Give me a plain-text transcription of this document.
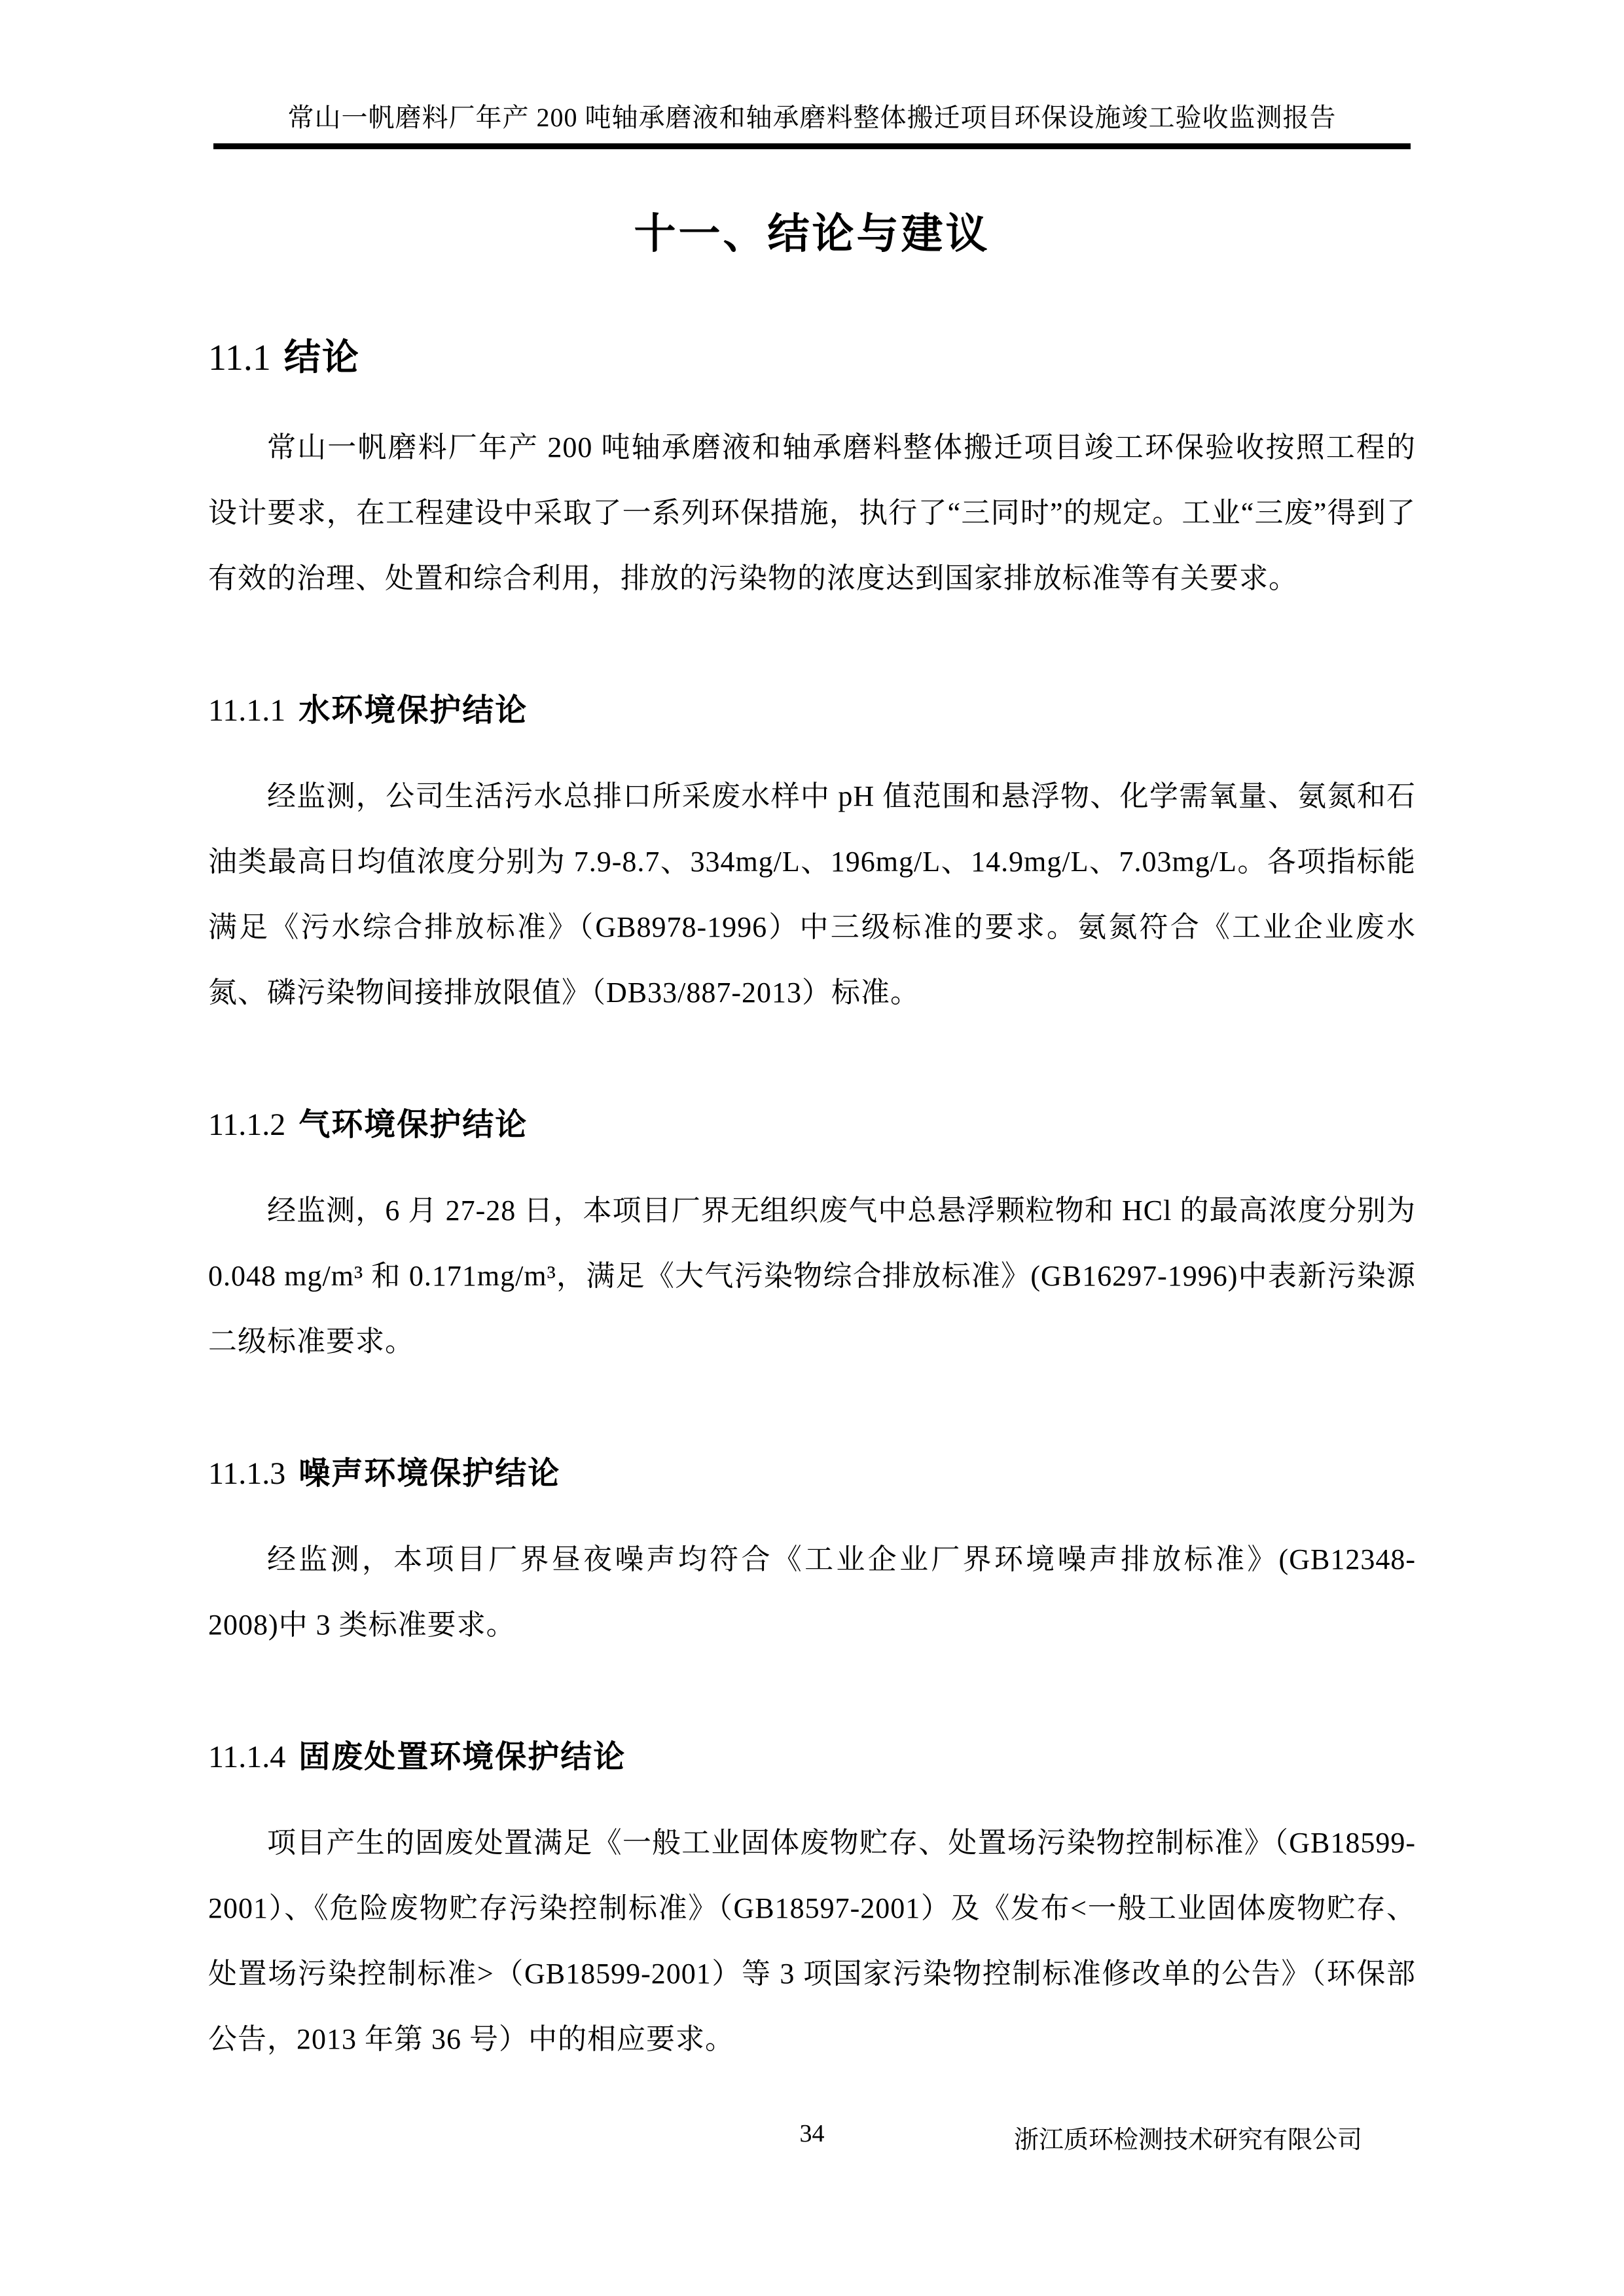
常山一帆磨料厂年产 200 吨轴承磨液和轴承磨料整体搬迁项目环保设施竣工验收监测报告
十一、结论与建议
11.1 结论

常山一帆磨料厂年产 200 吨轴承磨液和轴承磨料整体搬迁项目竣工环保验收按照工程的设计要求，在工程建设中采取了一系列环保措施，执行了“三同时”的规定。工业“三废”得到了有效的治理、处置和综合利用，排放的污染物的浓度达到国家排放标准等有关要求。

11.1.1 水环境保护结论

经监测，公司生活污水总排口所采废水样中 pH 值范围和悬浮物、化学需氧量、氨氮和石油类最高日均值浓度分别为 7.9-8.7、334mg/L、196mg/L、14.9mg/L、7.03mg/L。各项指标能满足《污水综合排放标准》（GB8978-1996）中三级标准的要求。氨氮符合《工业企业废水氮、磷污染物间接排放限值》（DB33/887-2013）标准。

11.1.2 气环境保护结论

经监测，6 月 27-28 日，本项目厂界无组织废气中总悬浮颗粒物和 HCl 的最高浓度分别为 0.048 mg/m³ 和 0.171mg/m³，满足《大气污染物综合排放标准》(GB16297-1996)中表新污染源二级标准要求。

11.1.3 噪声环境保护结论

经监测，本项目厂界昼夜噪声均符合《工业企业厂界环境噪声排放标准》(GB12348-2008)中 3 类标准要求。

11.1.4 固废处置环境保护结论

项目产生的固废处置满足《一般工业固体废物贮存、处置场污染物控制标准》（GB18599-2001）、《危险废物贮存污染控制标准》（GB18597-2001）及《发布<一般工业固体废物贮存、处置场污染控制标准>（GB18599-2001）等 3 项国家污染物控制标准修改单的公告》（环保部公告，2013 年第 36 号）中的相应要求。

34	浙江质环检测技术研究有限公司
